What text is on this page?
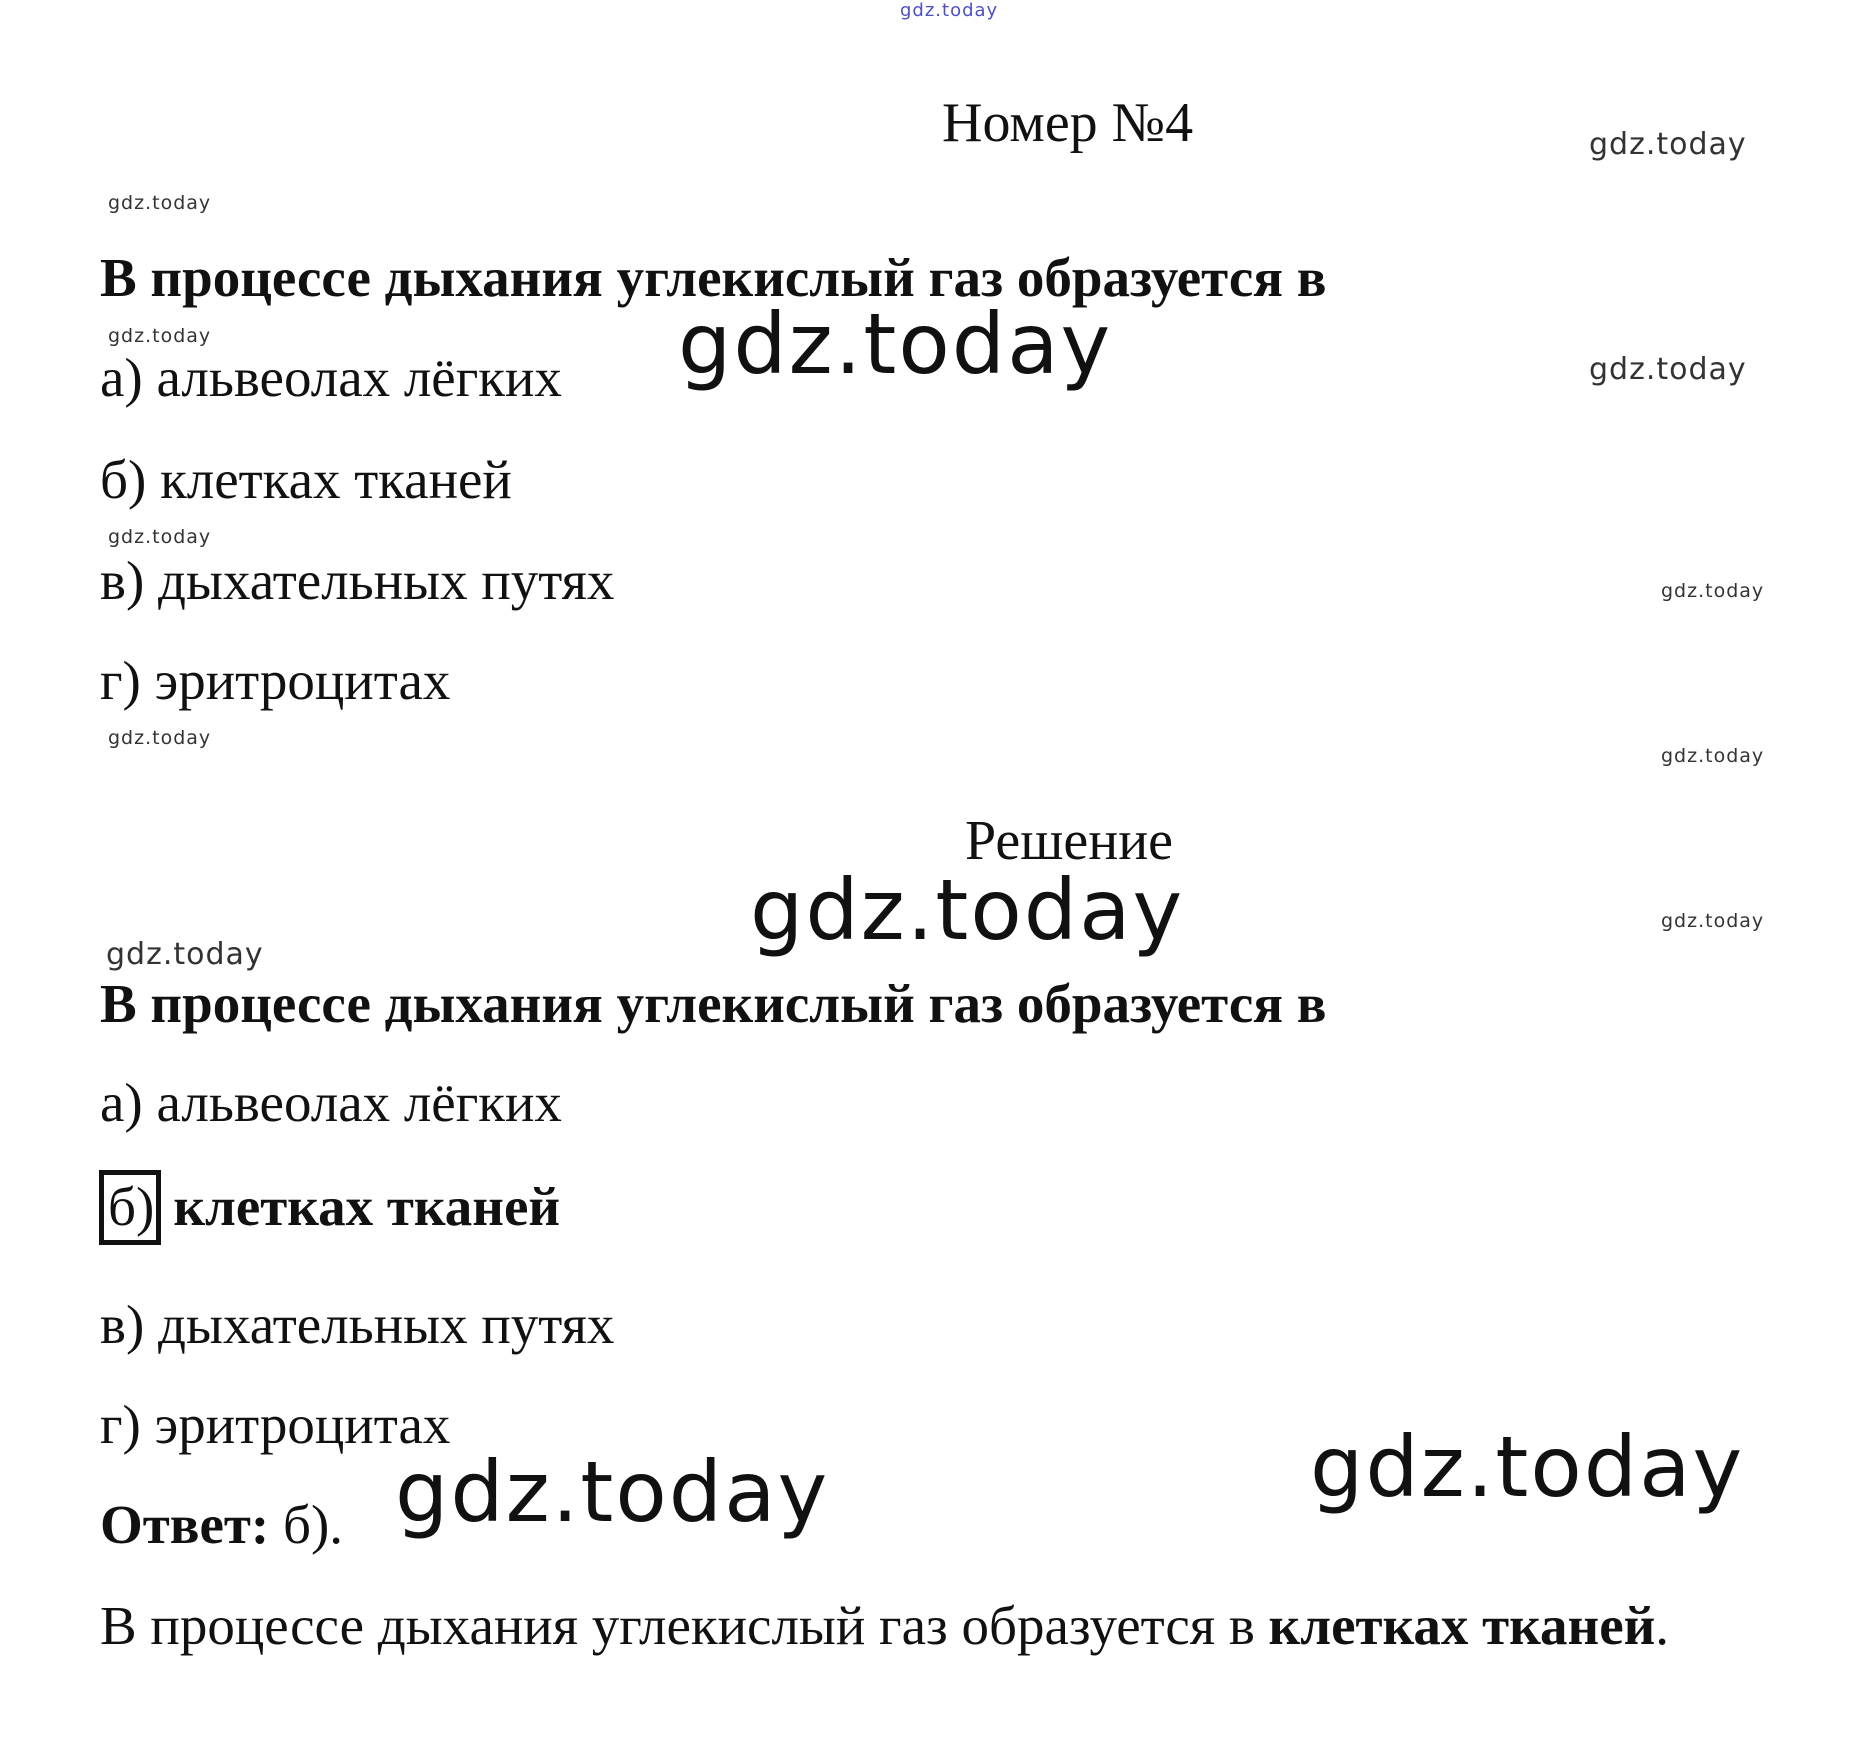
gdz.today
gdz.today
gdz.today
gdz.today	gdz.today	gdz.today
gdz.today
gdz.today
gdz.today
gdz.today
gdz.today	gdz.today
gdz.today
gdz.today	gdz.today
Номер №4
В процессе дыхания углекислый газ образуется в
а) альвеолах лёгких
б) клетках тканей
в) дыхательных путях
г) эритроцитах
Решение
В процессе дыхания углекислый газ образуется в
а) альвеолах лёгких
б) клетках тканей
в) дыхательных путях
г) эритроцитах
Ответ: б).
В процессе дыхания углекислый газ образуется в клетках тканей.
